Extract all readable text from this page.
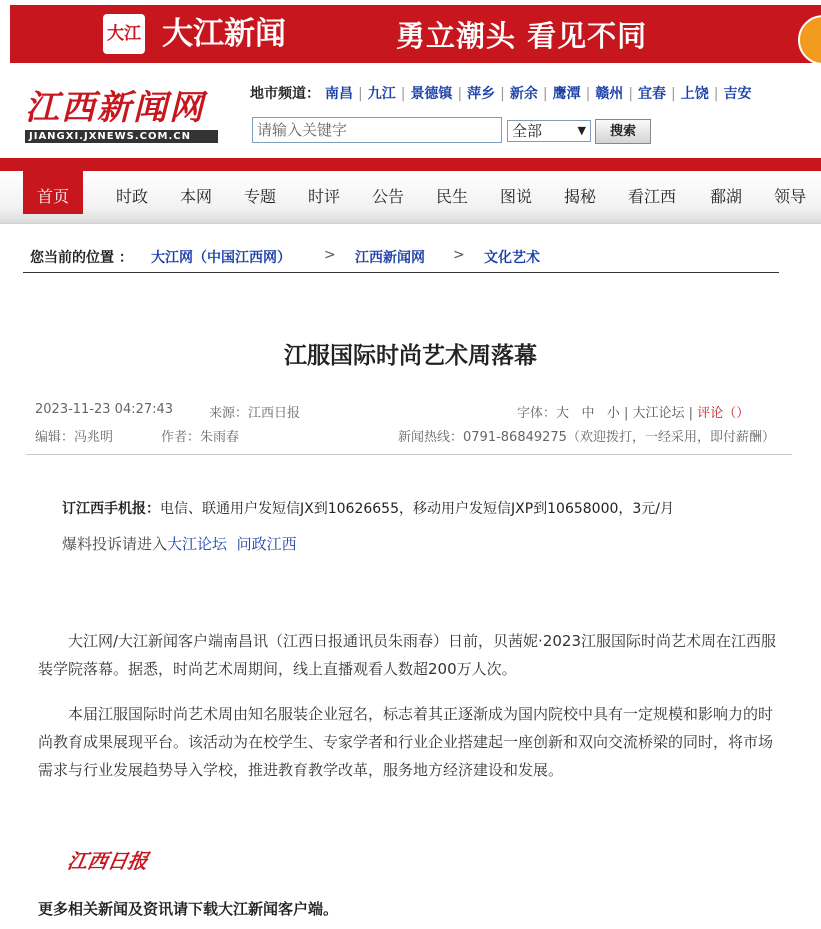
大江 大江新闻	勇立潮头 看见不同
江西新闻网
JIANGXI.JXNEWS.COM.CN
地市频道： 南昌 | 九江 | 景德镇 | 萍乡 | 新余 | 鹰潭 | 赣州 | 宜春 | 上饶 | 吉安
请输入关键字	全部	▼	搜索
首页	时政 本网 专题 时评 公告 民生 图说 揭秘 看江西 鄱湖 领导
您当前的位置 ： 大江网（中国江西网） > 江西新闻网 > 文化艺术
江服国际时尚艺术周落幕
2023-11-23 04:27:43	来源：江西日报
编辑：冯兆明	作者：朱雨春
字体：大 中 小 | 大江论坛 | 评论（）
新闻热线：0791-86849275（欢迎拨打，一经采用，即付薪酬）
订江西手机报：电信、联通用户发短信JX到10626655，移动用户发短信JXP到10658000，3元/月
爆料投诉请进入大江论坛 问政江西
大江网/大江新闻客户端南昌讯（江西日报通讯员朱雨春）日前，贝茜妮·2023江服国际时尚艺术周在江西服装学院落幕。据悉，时尚艺术周期间，线上直播观看人数超200万人次。
本届江服国际时尚艺术周由知名服装企业冠名，标志着其正逐渐成为国内院校中具有一定规模和影响力的时尚教育成果展现平台。该活动为在校学生、专家学者和行业企业搭建起一座创新和双向交流桥梁的同时，将市场需求与行业发展趋势导入学校，推进教育教学改革，服务地方经济建设和发展。
江西日报
更多相关新闻及资讯请下载大江新闻客户端。
